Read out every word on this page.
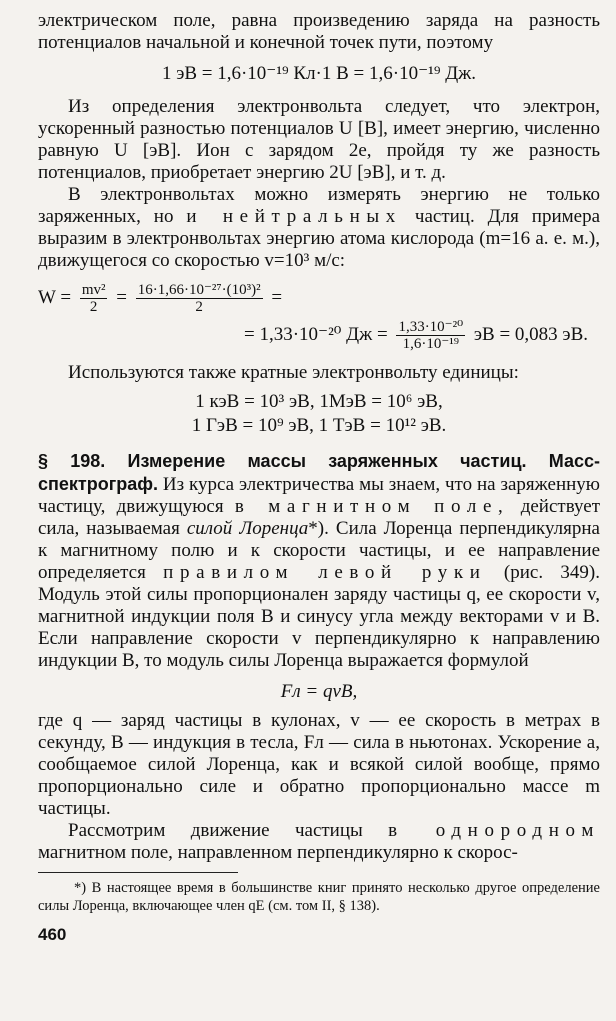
электрическом поле, равна произведению заряда на разность потенциалов начальной и конечной точек пути, поэтому

1 эВ = 1,6·10⁻¹⁹ Кл·1 В = 1,6·10⁻¹⁹ Дж.

Из определения электронвольта следует, что электрон, ускоренный разностью потенциалов U [В], имеет энергию, численно равную U [эВ]. Ион с зарядом 2e, пройдя ту же разность потенциалов, приобретает энергию 2U [эВ], и т. д.

В электронвольтах можно измерять энергию не только заряженных, но и нейтральных частиц. Для примера выразим в электронвольтах энергию атома кислорода (m=16 а. е. м.), движущегося со скоростью v=10³ м/с:

$W = \frac{\text{mv²}}{2} = \frac{\text{16·1,66·10⁻²⁷·(10³)²}}{2}$ =
= 1,33·10⁻²⁰ Дж = $\frac{\text{1,33·10⁻²⁰}}{\text{1,6·10⁻¹⁹}}$ эВ = 0,083 эВ.

Используются также кратные электронвольту единицы:

1 кэВ = 10³ эВ, 1МэВ = 10⁶ эВ,
1 ГэВ = 10⁹ эВ, 1 ТэВ = 10¹² эВ.

§ 198. Измерение массы заряженных частиц. Масс-спектрограф. Из курса электричества мы знаем, что на заряженную частицу, движущуюся в магнитном поле, действует сила, называемая силой Лоренца*). Сила Лоренца перпендикулярна к магнитному полю и к скорости частицы, и ее направление определяется правилом левой руки (рис. 349). Модуль этой силы пропорционален заряду частицы q, ее скорости v, магнитной индукции поля B и синусу угла между векторами v и B. Если направление скорости v перпендикулярно к направлению индукции B, то модуль силы Лоренца выражается формулой

Fл = qvB,

где q — заряд частицы в кулонах, v — ее скорость в метрах в секунду, B — индукция в тесла, Fл — сила в ньютонах. Ускорение a, сообщаемое силой Лоренца, как и всякой силой вообще, прямо пропорционально силе и обратно пропорционально массе m частицы.

Рассмотрим движение частицы в однородном магнитном поле, направленном перпендикулярно к скорос-

*) В настоящее время в большинстве книг принято несколько другое определение силы Лоренца, включающее член qE (см. том II, § 138).

460
